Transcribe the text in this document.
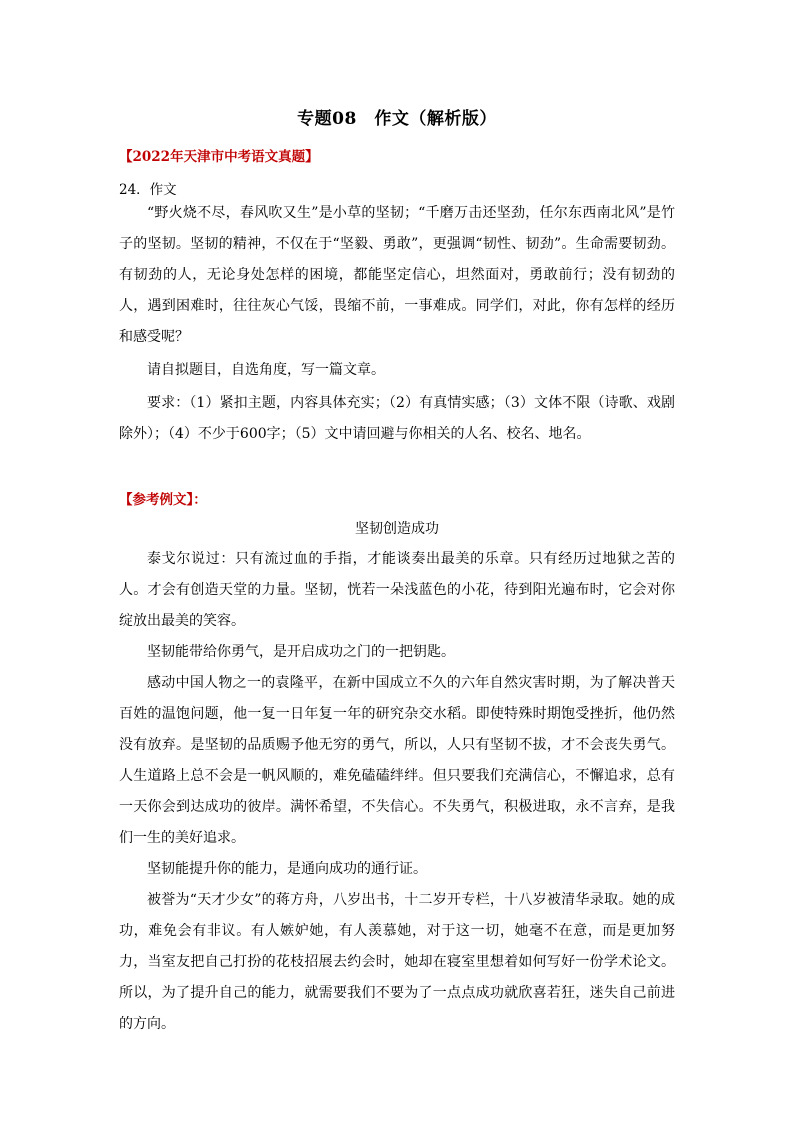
专题08　作文（解析版）
【2022年天津市中考语文真题】
24．作文

“野火烧不尽，春风吹又生”是小草的坚韧；“千磨万击还坚劲，任尔东西南北风”是竹子的坚韧。坚韧的精神，不仅在于“坚毅、勇敢”，更强调“韧性、韧劲”。生命需要韧劲。有韧劲的人，无论身处怎样的困境，都能坚定信心，坦然面对，勇敢前行；没有韧劲的人，遇到困难时，往往灰心气馁，畏缩不前，一事难成。同学们，对此，你有怎样的经历和感受呢？

请自拟题目，自选角度，写一篇文章。

要求：（1）紧扣主题，内容具体充实；（2）有真情实感；（3）文体不限（诗歌、戏剧除外）；（4）不少于600字；（5）文中请回避与你相关的人名、校名、地名。

【参考例文】：
坚韧创造成功

泰戈尔说过：只有流过血的手指，才能谈奏出最美的乐章。只有经历过地狱之苦的人。才会有创造天堂的力量。坚韧，恍若一朵浅蓝色的小花，待到阳光遍布时，它会对你绽放出最美的笑容。

坚韧能带给你勇气，是开启成功之门的一把钥匙。

感动中国人物之一的袁隆平，在新中国成立不久的六年自然灾害时期，为了解决普天百姓的温饱问题，他一复一日年复一年的研究杂交水稻。即使特殊时期饱受挫折，他仍然没有放弃。是坚韧的品质赐予他无穷的勇气，所以，人只有坚韧不拔，才不会丧失勇气。人生道路上总不会是一帆风顺的，难免磕磕绊绊。但只要我们充满信心，不懈追求，总有一天你会到达成功的彼岸。满怀希望，不失信心。不失勇气，积极进取，永不言弃，是我们一生的美好追求。

坚韧能提升你的能力，是通向成功的通行证。

被誉为“天才少女”的蒋方舟，八岁出书，十二岁开专栏，十八岁被清华录取。她的成功，难免会有非议。有人嫉妒她，有人羡慕她，对于这一切，她毫不在意，而是更加努力，当室友把自己打扮的花枝招展去约会时，她却在寝室里想着如何写好一份学术论文。所以，为了提升自己的能力，就需要我们不要为了一点点成功就欣喜若狂，迷失自己前进的方向。
